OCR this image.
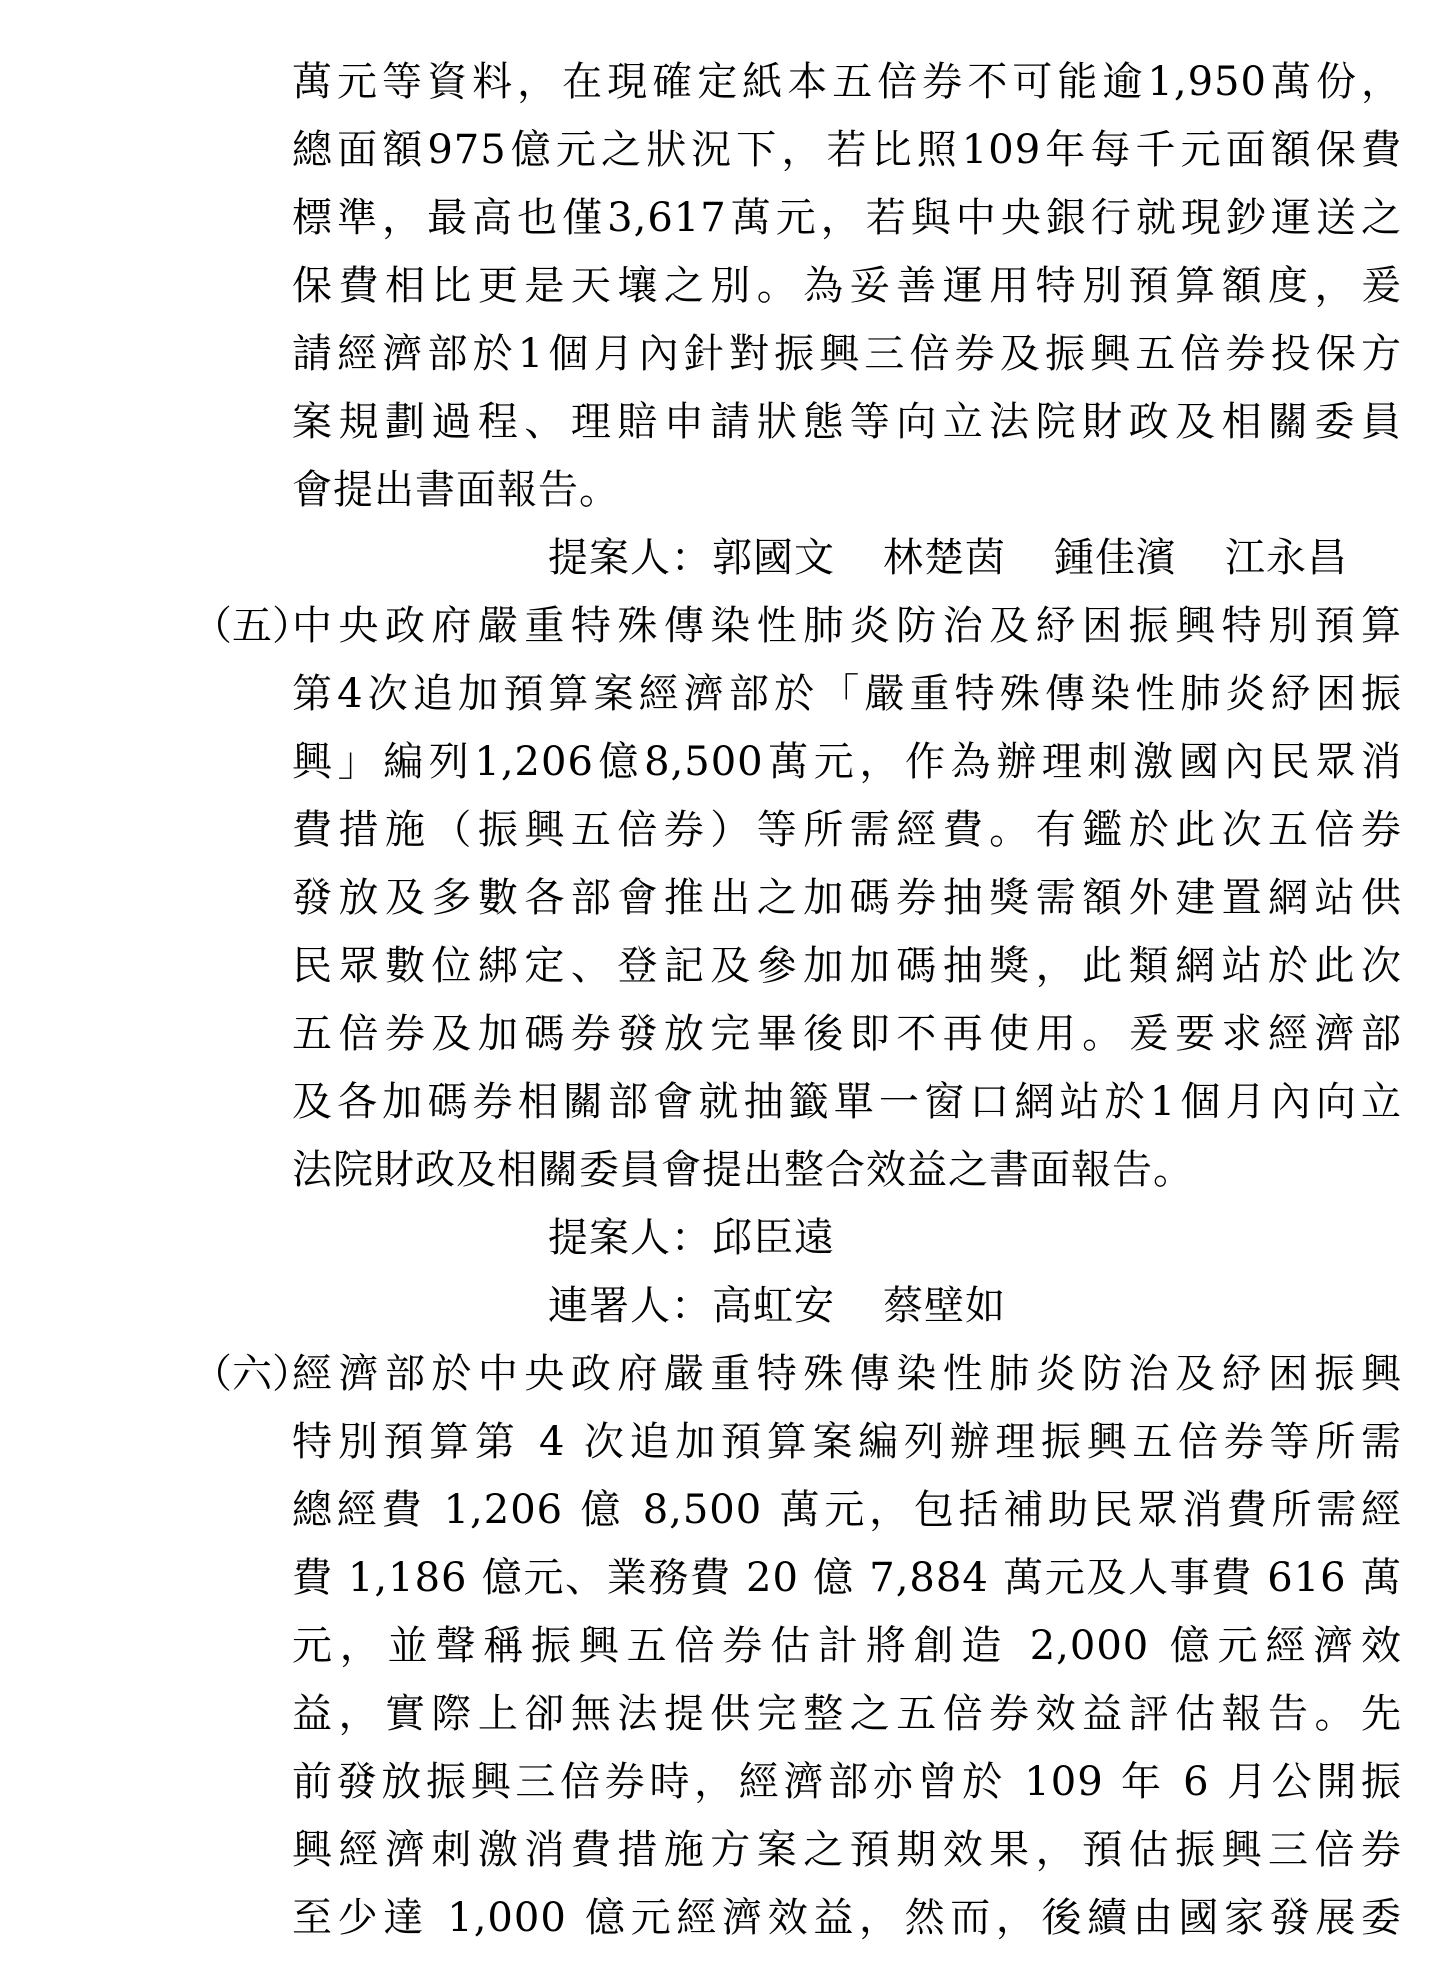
萬元等資料，在現確定紙本五倍券不可能逾1,950萬份，
總面額975億元之狀況下，若比照109年每千元面額保費
標準，最高也僅3,617萬元，若與中央銀行就現鈔運送之
保費相比更是天壤之別。為妥善運用特別預算額度，爰
請經濟部於1個月內針對振興三倍券及振興五倍券投保方
案規劃過程、理賠申請狀態等向立法院財政及相關委員
會提出書面報告。
提案人：郭國文 林楚茵 鍾佳濱 江永昌
（五）
中央政府嚴重特殊傳染性肺炎防治及紓困振興特別預算
第4次追加預算案經濟部於「嚴重特殊傳染性肺炎紓困振
興」編列1,206億8,500萬元，作為辦理刺激國內民眾消
費措施（振興五倍券）等所需經費。有鑑於此次五倍券
發放及多數各部會推出之加碼券抽獎需額外建置網站供
民眾數位綁定、登記及參加加碼抽獎，此類網站於此次
五倍券及加碼券發放完畢後即不再使用。爰要求經濟部
及各加碼券相關部會就抽籤單一窗口網站於1個月內向立
法院財政及相關委員會提出整合效益之書面報告。
提案人：邱臣遠
連署人：高虹安 蔡壁如
（六）
經濟部於中央政府嚴重特殊傳染性肺炎防治及紓困振興
特別預算第 4 次追加預算案編列辦理振興五倍券等所需
總經費 1,206 億 8,500 萬元，包括補助民眾消費所需經
費 1,186 億元、業務費 20 億 7,884 萬元及人事費 616 萬
元，並聲稱振興五倍券估計將創造 2,000 億元經濟效
益，實際上卻無法提供完整之五倍券效益評估報告。先
前發放振興三倍券時，經濟部亦曾於 109 年 6 月公開振
興經濟刺激消費措施方案之預期效果，預估振興三倍券
至少達 1,000 億元經濟效益，然而，後續由國家發展委
